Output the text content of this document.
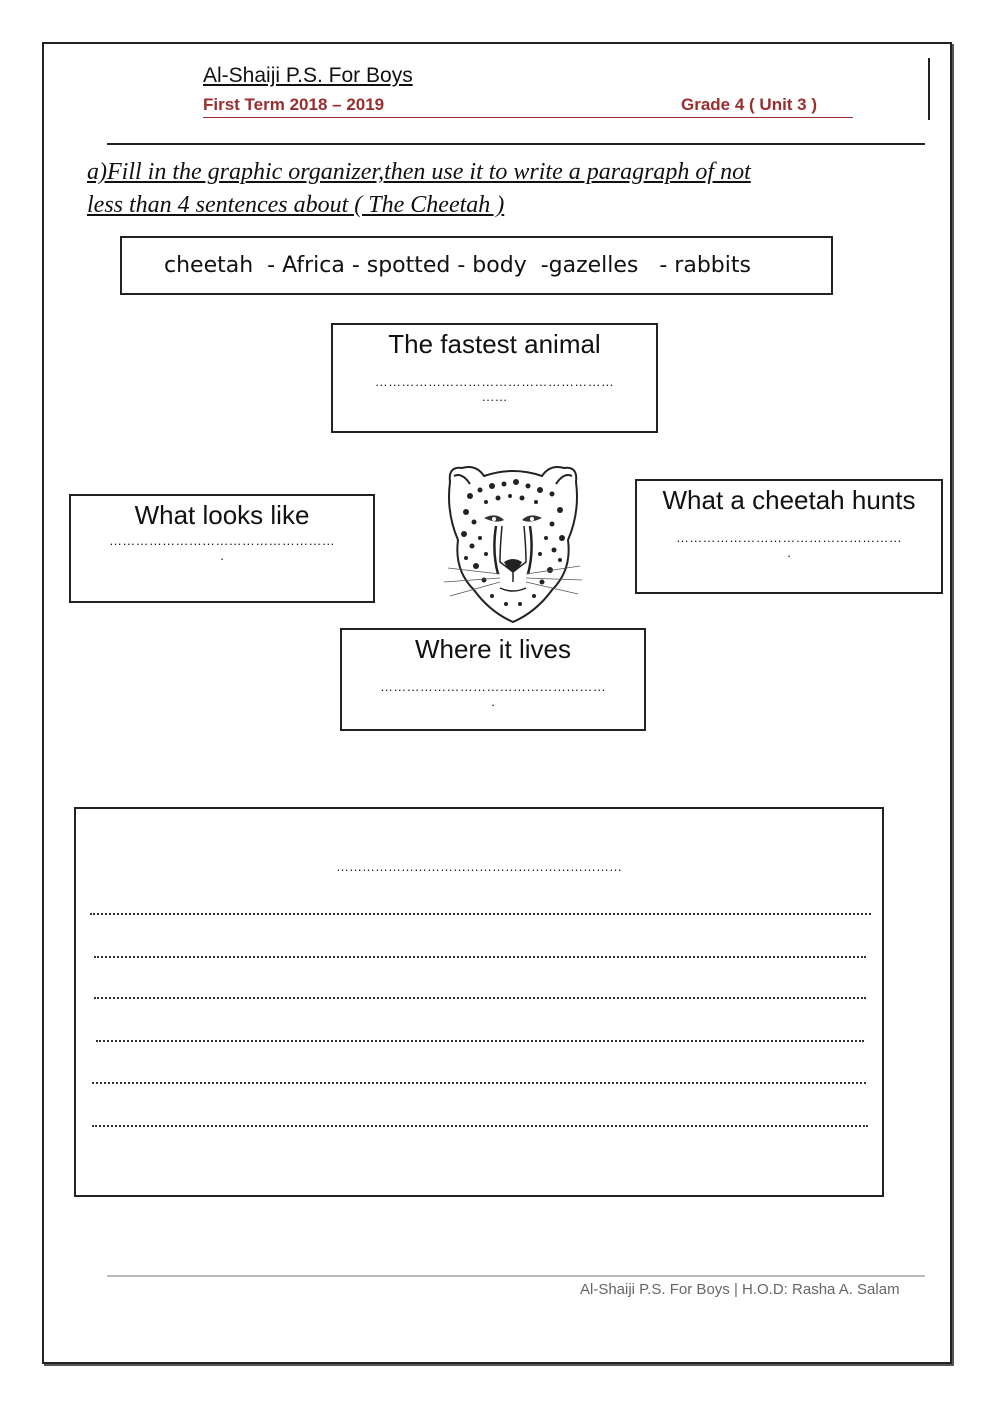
Al-Shaiji P.S. For Boys
First Term 2018 – 2019	Grade 4 ( Unit 3 )
a)Fill in the graphic organizer,then use it to write a paragraph of not
less than 4 sentences about ( The Cheetah )
cheetah  - Africa - spotted - body  -gazelles   - rabbits
The fastest animal
………………………………………………
……
What looks like
……………………………………………
.
What a cheetah hunts
……………………………………………
.
Where it lives
……………………………………………
.
…………………………………………………………
Al-Shaiji P.S. For Boys | H.O.D: Rasha A. Salam
